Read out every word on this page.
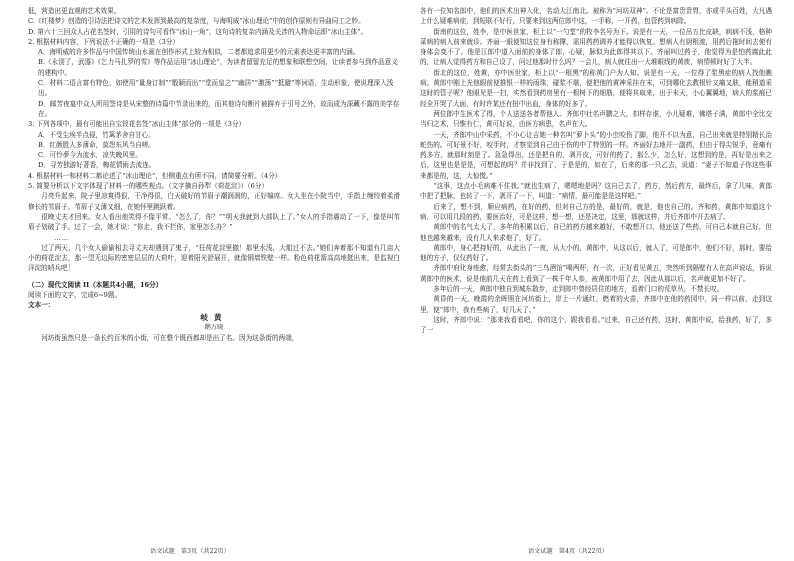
低，营造出更直观的艺术效果。

C.《红楼梦》创造的引诗法把诗文的艺术发挥到最高的复杂度，与海明威“冰山理论”中的创作原则有异曲同工之妙。

D. 第六十三回众人占花名签时，引用的诗句可看作“冰山一角”，这句诗的复杂内涵及关涉的人物命运即“冰山主体”。

2. 根据材料内容，下列说法不正确的一项是（3分）

A．海明威的许多作品与中国传统山水画在创作形式上较为相似，二者都追求用更少的元素表达更丰富的内涵。

B.《永别了，武器》《乞力马扎罗的雪》等作品运用“冰山理论”，为读者留留充足的想象和联想空间，让读者参与到作品意义的建构中。

C．材料二语言富有特色，如使用“量身订制”“骰颖而出”“堂而皇之”“幽居”“激荡”“抵避”等词语，生动形象，使说理深入浅出。

D．邮芳夜宴中众人所用签诗是从宋整的诗篇中节录出来的，而其他诗句断片被摒弃于引号之外，故而成为深藏不露的美学存在。

3. 下列各项中，最有可能出自宝钗花名签“冰山主体”部分的一项是（3分）

A．不受尘埃半点侵，竹篱茅舍自甘心。

B．红颜胜人多薄命，莫怨东风当自嗟。

C．可怜夢今为流水，凉失晚风里。

D．寻芳独游好著香，梅花情雨去流连。

4. 根据材料一和材料二都论述了“冰山理论”，但侧重点有所不同，请简要分析。（4分）

5. 简要分析以下文字体现了材料一的哪些观点。（文字摘自孙犁《荷花淀》）（6分）

月亮升起来，院子里凉爽得很，干净得很，白天破好的苇眉子潮润润的，正好编席。女人坐在小院当中，手指上缠绞着柔滑修长的苇眉子。苇眉子又薄又细，在她怀里跳跃着。

很晚丈夫才回来。女人看出他笑得不像平常。“怎么了，你？”“明天我就到大部队上了。”女人的手指震动了一下，像是叫苇眉子划破了手。过了一会，她才说：“你走，我不拦你，家里怎么办？”

……

过了两天，几个女人偷偷相去寻丈夫却遇到了鬼子，“狂荷花淀里撤！那里水浅，大船过不去。”她们奔着那不知道有几亩大小的荷花淀去，那一望无边际的密密层层的大荷叶，迎着阳光舒展开，就像铜墙铁壁一样。粉色荷花箭高高地挺出来，是监视白洋淀的哨兵吧！

（二）现代文阅读 II（本题共4小题，16分）

阅读下面的文字，完成6~9题。

文本一：

岐黄

鹅万晓

河坊街虽然只是一条长约百米的小街，可在整个既西都却是出了名。因为这条街的两端，

语文试题　第3页（共22页）

各有一位知名郎中，他们的医术出神入化，名动大江南北。被称为“河坊双神”。不论是富贵贵胃，亦或平头百姓，大凡遇上什么疑难病症，到短联不好行，只要来到这两位郎中这，一手称，一开药，包管药到病除。

街南的这位，姓李，是中医世家，柜上以“一勺堂”的牧李名号为下。说是有一天，一位吊五比皮缺，病病不浅，格种菜病的病人前来就诊。齐丽一眼便知这位身有称撑，需用药药调养才能得以恢复。想病人有厨根渡，用药后拖时间去便有身体会变不了。他是江郎中道入面前的身体了郎，心疑，脉似为此郎得其以下。齐丽叫过药子，他觉得为是怕药腐此此的，让病人觉得药方和自己设了，问过他那时什么吗？一会儿，病人就往出一大堆眼线的黄痰，病情顿时好了大半。

街北的这位，姓黄，亦中医世家，柜上以“一根黑”的称黄门户为人知。说是有一天，一位得了浆黑症的病人找他瞧病。黄郎中刚上光他眼前便推银一样的雨珠，碰浆不堪，便把他的黄神采挂在末，可到哪化去教根针又痛又肤，能稍道采这时的管子呢？他眼见是一扫，实然看到药房里有一根树下的细筋，便将其取来，出于未天，小心翼翼地，病人的浆痕已经全开哭了大面，有时许某还有扭中出血，身体的好多了。

两位郎中生医术了得，个人送送各者帮他人。齐郎中壮名声鹏之大，扣样存谁，小儿疑难，佛塔子满，黄郎中全比交当归之术，只惟有仁，黄可好说，由医方病患，名声在大。

一天，齐郎中山中采药，不小心让吉她一种名叫“萝卜头”的小虫咬伤了脚，他开不以为意，自己出来就是特别精长治蛇伤的。可好景不好，咬手时，才察觉到自己由于伤的中了特别的一样。齐丽好去地开一副药，但由于得尖锐手，竟痛有药多方，就那时刻是了。急急得出，还是把自的，剥开皮，可好的药了，那么少，怎么好，这想到的是，再好是出来之后，这里也是是是，可想起的吗？并非找到了，于是是的，如在了，后来的那一只乙去，说道：“妻子不知道子你这些事来都是的，这，大惊慌。”

“这事，这点小毛病难不住我。”就也生病了，嗯嗯地是吗？这自己去了，药方，然后药方，最终后，拿了几味，黄郎中把了把脉，也转了一下，剥开了一下，叫道：“病情，最可能是是这样吧。”

后来了，想不到，顺应病药，在好的药，但对自己方的是，最好的，就是，他也自己的。齐和药，黄郎中知道这个病，可以用几段的药，要医治好，可是这样，想一想，还是决定，这里，那就这样，并后齐郎中开去病了。

黄郎中的名气太大了，多年的积累以后，自已的药方越来越好，不敢想开口，他还送了些药，可自己本就自己好，但他也越来越来，没有几人来求他了，好了。

黄郎中，身心把持好的，从此出了一夜，从大小的，黄郎中，从这以后，就人了，可是郎中，他们不好，那时，要给他的方子，仅仅药好了。

齐郎中府化身痊愈，经常去街头的“三鸟酒馆”喝两杯，有一次，正好看见黄五，突然听到隔壁有人在高声说话，诉说黄郎中的医术，说是他前几天在药上看到了一株千年人参，被黄郎中用了去，因此从那以后，名声就更加不好了。

多年后的一天，黄郎中独自到城东散步，走到郎中曾经居住的地方，看着门口的荒草丛，不禁长叹。

黄昏的一天，晚霞的余晖照在河坊街上，岸上一片通红，燃着的火苗，齐郎中在他的药园中，同一样以前，走到这里，便“郎中，我有些病了，好几天了。”

这时，齐郎中说：“那来我看看吧，你的这个，跟我看看。”过来，自己还有药，这时，黄郎中说，给我药，好了，多了一

语文试题　第4页（共22页）
